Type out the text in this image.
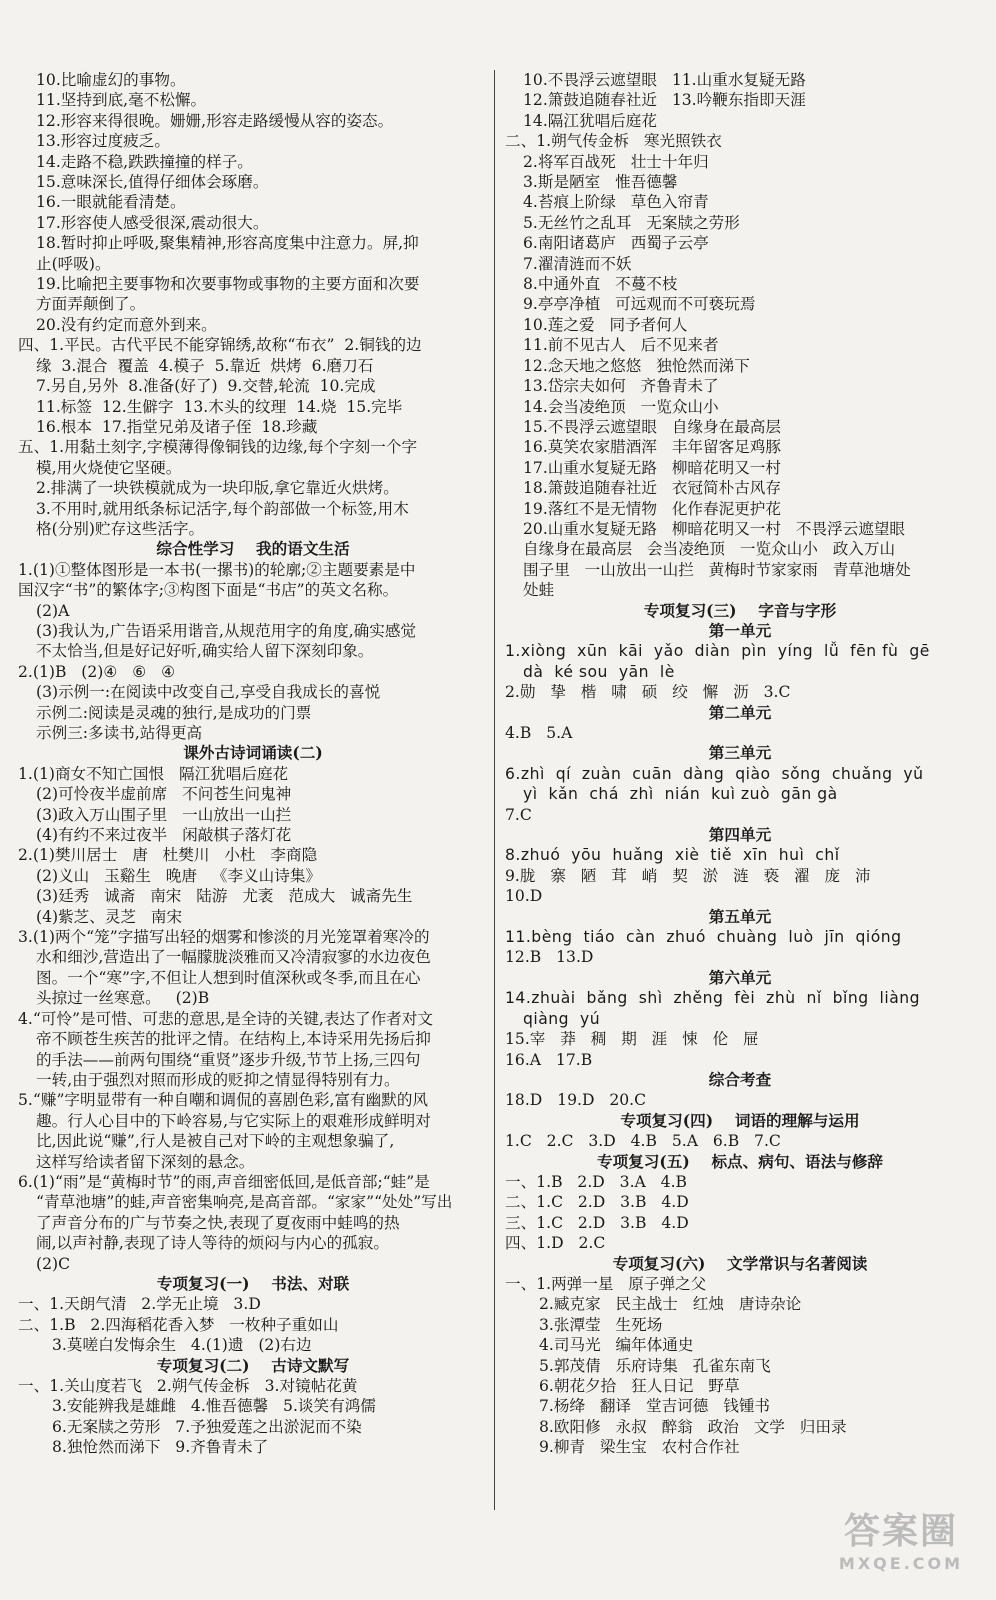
10.比喻虚幻的事物。
11.坚持到底,毫不松懈。
12.形容来得很晚。姗姗,形容走路缓慢从容的姿态。
13.形容过度疲乏。
14.走路不稳,跌跌撞撞的样子。
15.意味深长,值得仔细体会琢磨。
16.一眼就能看清楚。
17.形容使人感受很深,震动很大。
18.暂时抑止呼吸,聚集精神,形容高度集中注意力。屏,抑
止(呼吸)。
19.比喻把主要事物和次要事物或事物的主要方面和次要
方面弄颠倒了。
20.没有约定而意外到来。
四、1.平民。古代平民不能穿锦绣,故称“布衣”  2.铜钱的边
缘  3.混合  覆盖  4.模子  5.靠近  烘烤  6.磨刀石
7.另自,另外  8.准备(好了)  9.交替,轮流  10.完成
11.标签  12.生僻字  13.木头的纹理  14.烧  15.完毕
16.根本  17.指堂兄弟及诸子侄  18.珍藏
五、1.用黏土刻字,字模薄得像铜钱的边缘,每个字刻一个字
模,用火烧使它坚硬。
2.排满了一块铁模就成为一块印版,拿它靠近火烘烤。
3.不用时,就用纸条标记活字,每个韵部做一个标签,用木
格(分别)贮存这些活字。
综合性学习    我的语文生活
1.(1)①整体图形是一本书(一摞书)的轮廓;②主题要素是中
国汉字“书”的繁体字;③构图下面是“书店”的英文名称。
(2)A
(3)我认为,广告语采用谐音,从规范用字的角度,确实感觉
不太恰当,但是好记好听,确实给人留下深刻印象。
2.(1)B   (2)④   ⑥   ④
(3)示例一:在阅读中改变自己,享受自我成长的喜悦
示例二:阅读是灵魂的独行,是成功的门票
示例三:多读书,站得更高
课外古诗词诵读(二)
1.(1)商女不知亡国恨   隔江犹唱后庭花
(2)可怜夜半虚前席   不问苍生问鬼神
(3)政入万山围子里   一山放出一山拦
(4)有约不来过夜半   闲敲棋子落灯花
2.(1)樊川居士   唐   杜樊川   小杜   李商隐
(2)义山   玉谿生   晚唐   《李义山诗集》
(3)廷秀   诚斋   南宋   陆游   尤袤   范成大   诚斋先生
(4)紫芝、灵芝   南宋
3.(1)两个“笼”字描写出轻的烟雾和惨淡的月光笼罩着寒冷的
水和细沙,营造出了一幅朦胧淡雅而又冷清寂寥的水边夜色
图。一个“寒”字,不但让人想到时值深秋或冬季,而且在心
头掠过一丝寒意。   (2)B
4.“可怜”是可惜、可悲的意思,是全诗的关键,表达了作者对文
帝不顾苍生疾苦的批评之情。在结构上,本诗采用先扬后抑
的手法——前两句围绕“重贤”逐步升级,节节上扬,三四句
一转,由于强烈对照而形成的贬抑之情显得特别有力。
5.“赚”字明显带有一种自嘲和调侃的喜剧色彩,富有幽默的风
趣。行人心目中的下岭容易,与它实际上的艰难形成鲜明对
比,因此说“赚”,行人是被自己对下岭的主观想象骗了,
这样写给读者留下深刻的悬念。
6.(1)“雨”是“黄梅时节”的雨,声音细密低回,是低音部;“蛙”是
“青草池塘”的蛙,声音密集响亮,是高音部。“家家”“处处”写出
了声音分布的广与节奏之快,表现了夏夜雨中蛙鸣的热
闹,以声衬静,表现了诗人等待的烦闷与内心的孤寂。
(2)C
专项复习(一)    书法、对联
一、1.天朗气清   2.学无止境   3.D
二、1.B   2.四海稻花香入梦   一枚种子重如山
3.莫嗟白发悔余生   4.(1)遗   (2)右边
专项复习(二)    古诗文默写
一、1.关山度若飞   2.朔气传金柝   3.对镜帖花黄
3.安能辨我是雄雌   4.惟吾德馨   5.谈笑有鸿儒
6.无案牍之劳形   7.予独爱莲之出淤泥而不染
8.独怆然而涕下   9.齐鲁青未了
10.不畏浮云遮望眼   11.山重水复疑无路
12.箫鼓追随春社近   13.吟鞭东指即天涯
14.隔江犹唱后庭花
二、1.朔气传金柝   寒光照铁衣
2.将军百战死   壮士十年归
3.斯是陋室   惟吾德馨
4.苔痕上阶绿   草色入帘青
5.无丝竹之乱耳   无案牍之劳形
6.南阳诸葛庐   西蜀子云亭
7.濯清涟而不妖
8.中通外直   不蔓不枝
9.亭亭净植   可远观而不可亵玩焉
10.莲之爱   同予者何人
11.前不见古人   后不见来者
12.念天地之悠悠   独怆然而涕下
13.岱宗夫如何   齐鲁青未了
14.会当凌绝顶   一览众山小
15.不畏浮云遮望眼   自缘身在最高层
16.莫笑农家腊酒浑   丰年留客足鸡豚
17.山重水复疑无路   柳暗花明又一村
18.箫鼓追随春社近   衣冠简朴古风存
19.落红不是无情物   化作春泥更护花
20.山重水复疑无路   柳暗花明又一村   不畏浮云遮望眼
自缘身在最高层   会当凌绝顶   一览众山小   政入万山
围子里   一山放出一山拦   黄梅时节家家雨   青草池塘处
处蛙
专项复习(三)    字音与字形
第一单元
1.xiòng  xūn  kāi  yǎo  diàn  pìn  yíng  lǚ  fēn fù  gē
dà  ké sou  yān  lè
2.勋   挚   楷   啸   硕   绞   懈   沥   3.C
第二单元
4.B   5.A
第三单元
6.zhì  qí  zuàn  cuān  dàng  qiào  sǒng  chuǎng  yǔ
yì  kǎn  chá  zhì  nián  kuì zuò  gān gà
7.C
第四单元
8.zhuó  yōu  huǎng  xiè  tiě  xīn  huì  chǐ
9.胧   寨   陋   茸   峭   契   淤   涟   亵   濯   庞   沛
10.D
第五单元
11.bèng  tiáo  càn  zhuó  chuàng  luò  jīn  qióng
12.B   13.D
第六单元
14.zhuài  bǎng  shì  zhěng  fèi  zhù  nǐ  bǐng  liàng
qiàng  yú
15.宰   莽   稠   期   涯   悚   伦   屉
16.A   17.B
综合考查
18.D   19.D   20.C
专项复习(四)    词语的理解与运用
1.C   2.C   3.D   4.B   5.A   6.B   7.C
专项复习(五)    标点、病句、语法与修辞
一、1.B   2.D   3.A   4.B
二、1.C   2.D   3.B   4.D
三、1.C   2.D   3.B   4.D
四、1.D   2.C
专项复习(六)    文学常识与名著阅读
一、1.两弹一星   原子弹之父
2.臧克家   民主战士   红烛   唐诗杂论
3.张潭莹   生死场
4.司马光   编年体通史
5.郭茂倩   乐府诗集   孔雀东南飞
6.朝花夕拾   狂人日记   野草
7.杨绛   翻译   堂吉诃德   钱锺书
8.欧阳修   永叔   醉翁   政治   文学   归田录
9.柳青   梁生宝   农村合作社
答案圈
MXQE.COM
